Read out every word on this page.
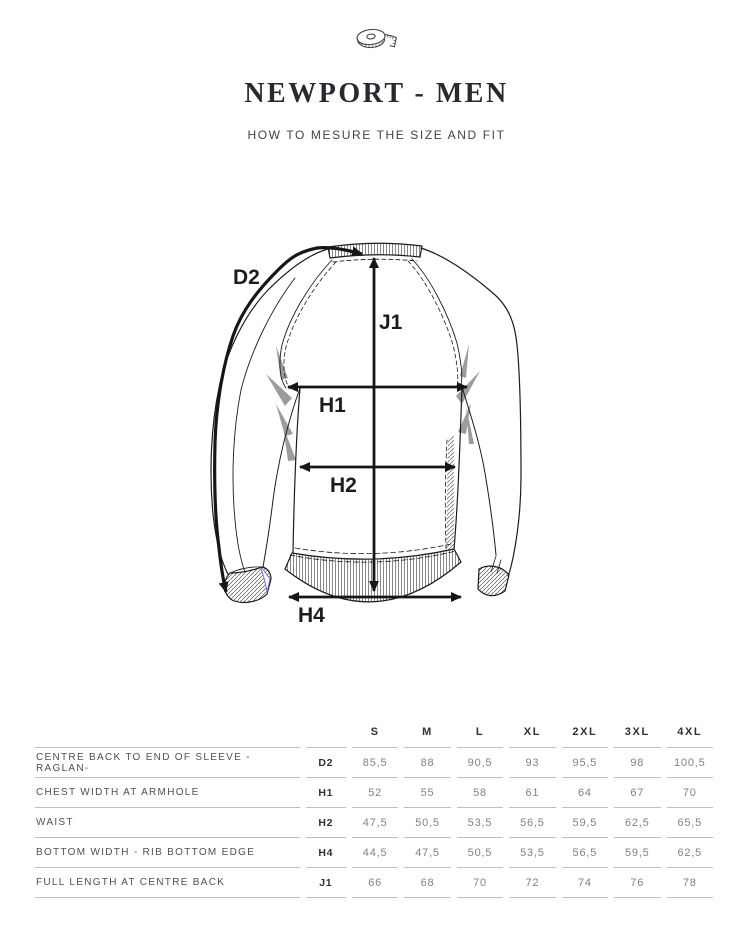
NEWPORT - MEN
HOW TO MESURE THE SIZE AND FIT
D2
J1
H1
H2
H4
		S	M	L	XL	2XL	3XL	4XL
CENTRE BACK TO END OF SLEEVE - RAGLAN-	D2	85,5	88	90,5	93	95,5	98	100,5
CHEST WIDTH AT ARMHOLE	H1	52	55	58	61	64	67	70
WAIST	H2	47,5	50,5	53,5	56,5	59,5	62,5	65,5
BOTTOM WIDTH - RIB BOTTOM EDGE	H4	44,5	47,5	50,5	53,5	56,5	59,5	62,5
FULL LENGTH AT CENTRE BACK	J1	66	68	70	72	74	76	78
